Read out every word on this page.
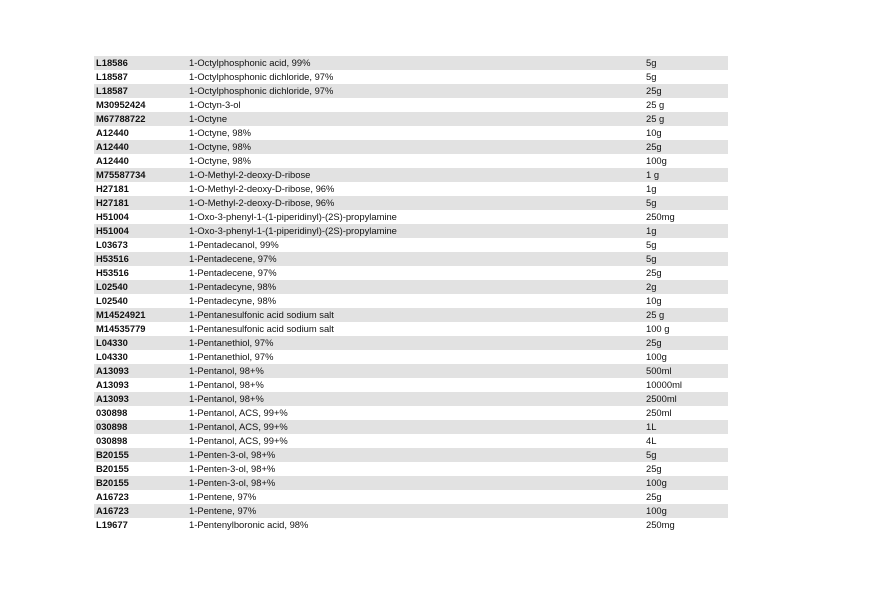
L18586	1-Octylphosphonic acid, 99%	5g
L18587	1-Octylphosphonic dichloride, 97%	5g
L18587	1-Octylphosphonic dichloride, 97%	25g
M30952424	1-Octyn-3-ol	25 g
M67788722	1-Octyne	25 g
A12440	1-Octyne, 98%	10g
A12440	1-Octyne, 98%	25g
A12440	1-Octyne, 98%	100g
M75587734	1-O-Methyl-2-deoxy-D-ribose	1 g
H27181	1-O-Methyl-2-deoxy-D-ribose, 96%	1g
H27181	1-O-Methyl-2-deoxy-D-ribose, 96%	5g
H51004	1-Oxo-3-phenyl-1-(1-piperidinyl)-(2S)-propylamine	250mg
H51004	1-Oxo-3-phenyl-1-(1-piperidinyl)-(2S)-propylamine	1g
L03673	1-Pentadecanol, 99%	5g
H53516	1-Pentadecene, 97%	5g
H53516	1-Pentadecene, 97%	25g
L02540	1-Pentadecyne, 98%	2g
L02540	1-Pentadecyne, 98%	10g
M14524921	1-Pentanesulfonic acid sodium salt	25 g
M14535779	1-Pentanesulfonic acid sodium salt	100 g
L04330	1-Pentanethiol, 97%	25g
L04330	1-Pentanethiol, 97%	100g
A13093	1-Pentanol, 98+%	500ml
A13093	1-Pentanol, 98+%	10000ml
A13093	1-Pentanol, 98+%	2500ml
030898	1-Pentanol, ACS, 99+%	250ml
030898	1-Pentanol, ACS, 99+%	1L
030898	1-Pentanol, ACS, 99+%	4L
B20155	1-Penten-3-ol, 98+%	5g
B20155	1-Penten-3-ol, 98+%	25g
B20155	1-Penten-3-ol, 98+%	100g
A16723	1-Pentene, 97%	25g
A16723	1-Pentene, 97%	100g
L19677	1-Pentenylboronic acid, 98%	250mg
